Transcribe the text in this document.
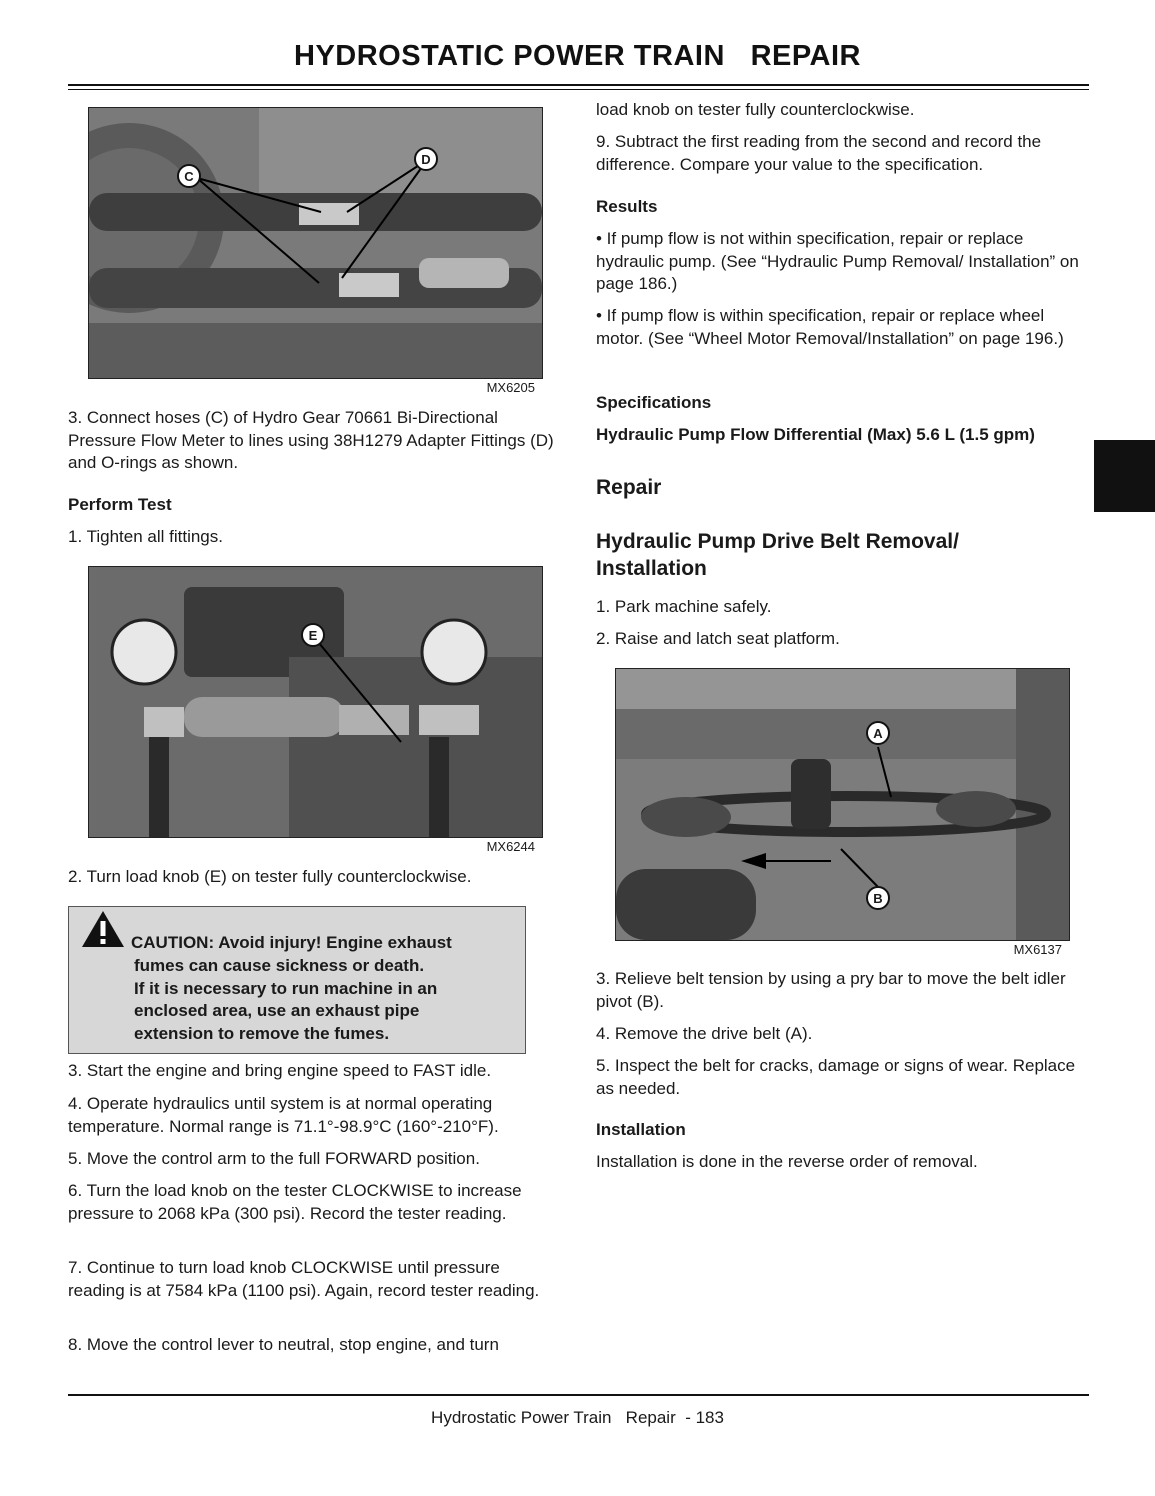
HYDROSTATIC POWER TRAIN   REPAIR
C
D
MX6205

3. Connect hoses (C) of Hydro Gear 70661 Bi-Directional Pressure Flow Meter to lines using 38H1279 Adapter Fittings (D) and O-rings as shown.

Perform Test

1. Tighten all fittings.

E
MX6244

2. Turn load knob (E) on tester fully counterclockwise.

CAUTION: Avoid injury! Engine exhaust
fumes can cause sickness or death.
If it is necessary to run machine in an
enclosed area, use an exhaust pipe
extension to remove the fumes.

3. Start the engine and bring engine speed to FAST idle.

4. Operate hydraulics until system is at normal operating temperature. Normal range is 71.1°-98.9°C (160°-210°F).

5. Move the control arm to the full FORWARD position.

6. Turn the load knob on the tester CLOCKWISE to increase pressure to 2068 kPa (300 psi). Record the tester reading.

7. Continue to turn load knob CLOCKWISE until pressure reading is at 7584 kPa (1100 psi). Again, record tester reading.

8. Move the control lever to neutral, stop engine, and turn

load knob on tester fully counterclockwise.

9. Subtract the first reading from the second and record the difference. Compare your value to the specification.

Results

• If pump flow is not within specification, repair or replace hydraulic pump. (See “Hydraulic Pump Removal/ Installation” on page 186.)

• If pump flow is within specification, repair or replace wheel motor. (See “Wheel Motor Removal/Installation” on page 196.)

Specifications

Hydraulic Pump Flow Differential (Max) 5.6 L (1.5 gpm)

Repair

Hydraulic Pump Drive Belt Removal/

Installation

1. Park machine safely.

2. Raise and latch seat platform.

A
B
MX6137

3. Relieve belt tension by using a pry bar to move the belt idler pivot (B).

4. Remove the drive belt (A).

5. Inspect the belt for cracks, damage or signs of wear. Replace as needed.

Installation

Installation is done in the reverse order of removal.

Hydrostatic Power Train   Repair  - 183
